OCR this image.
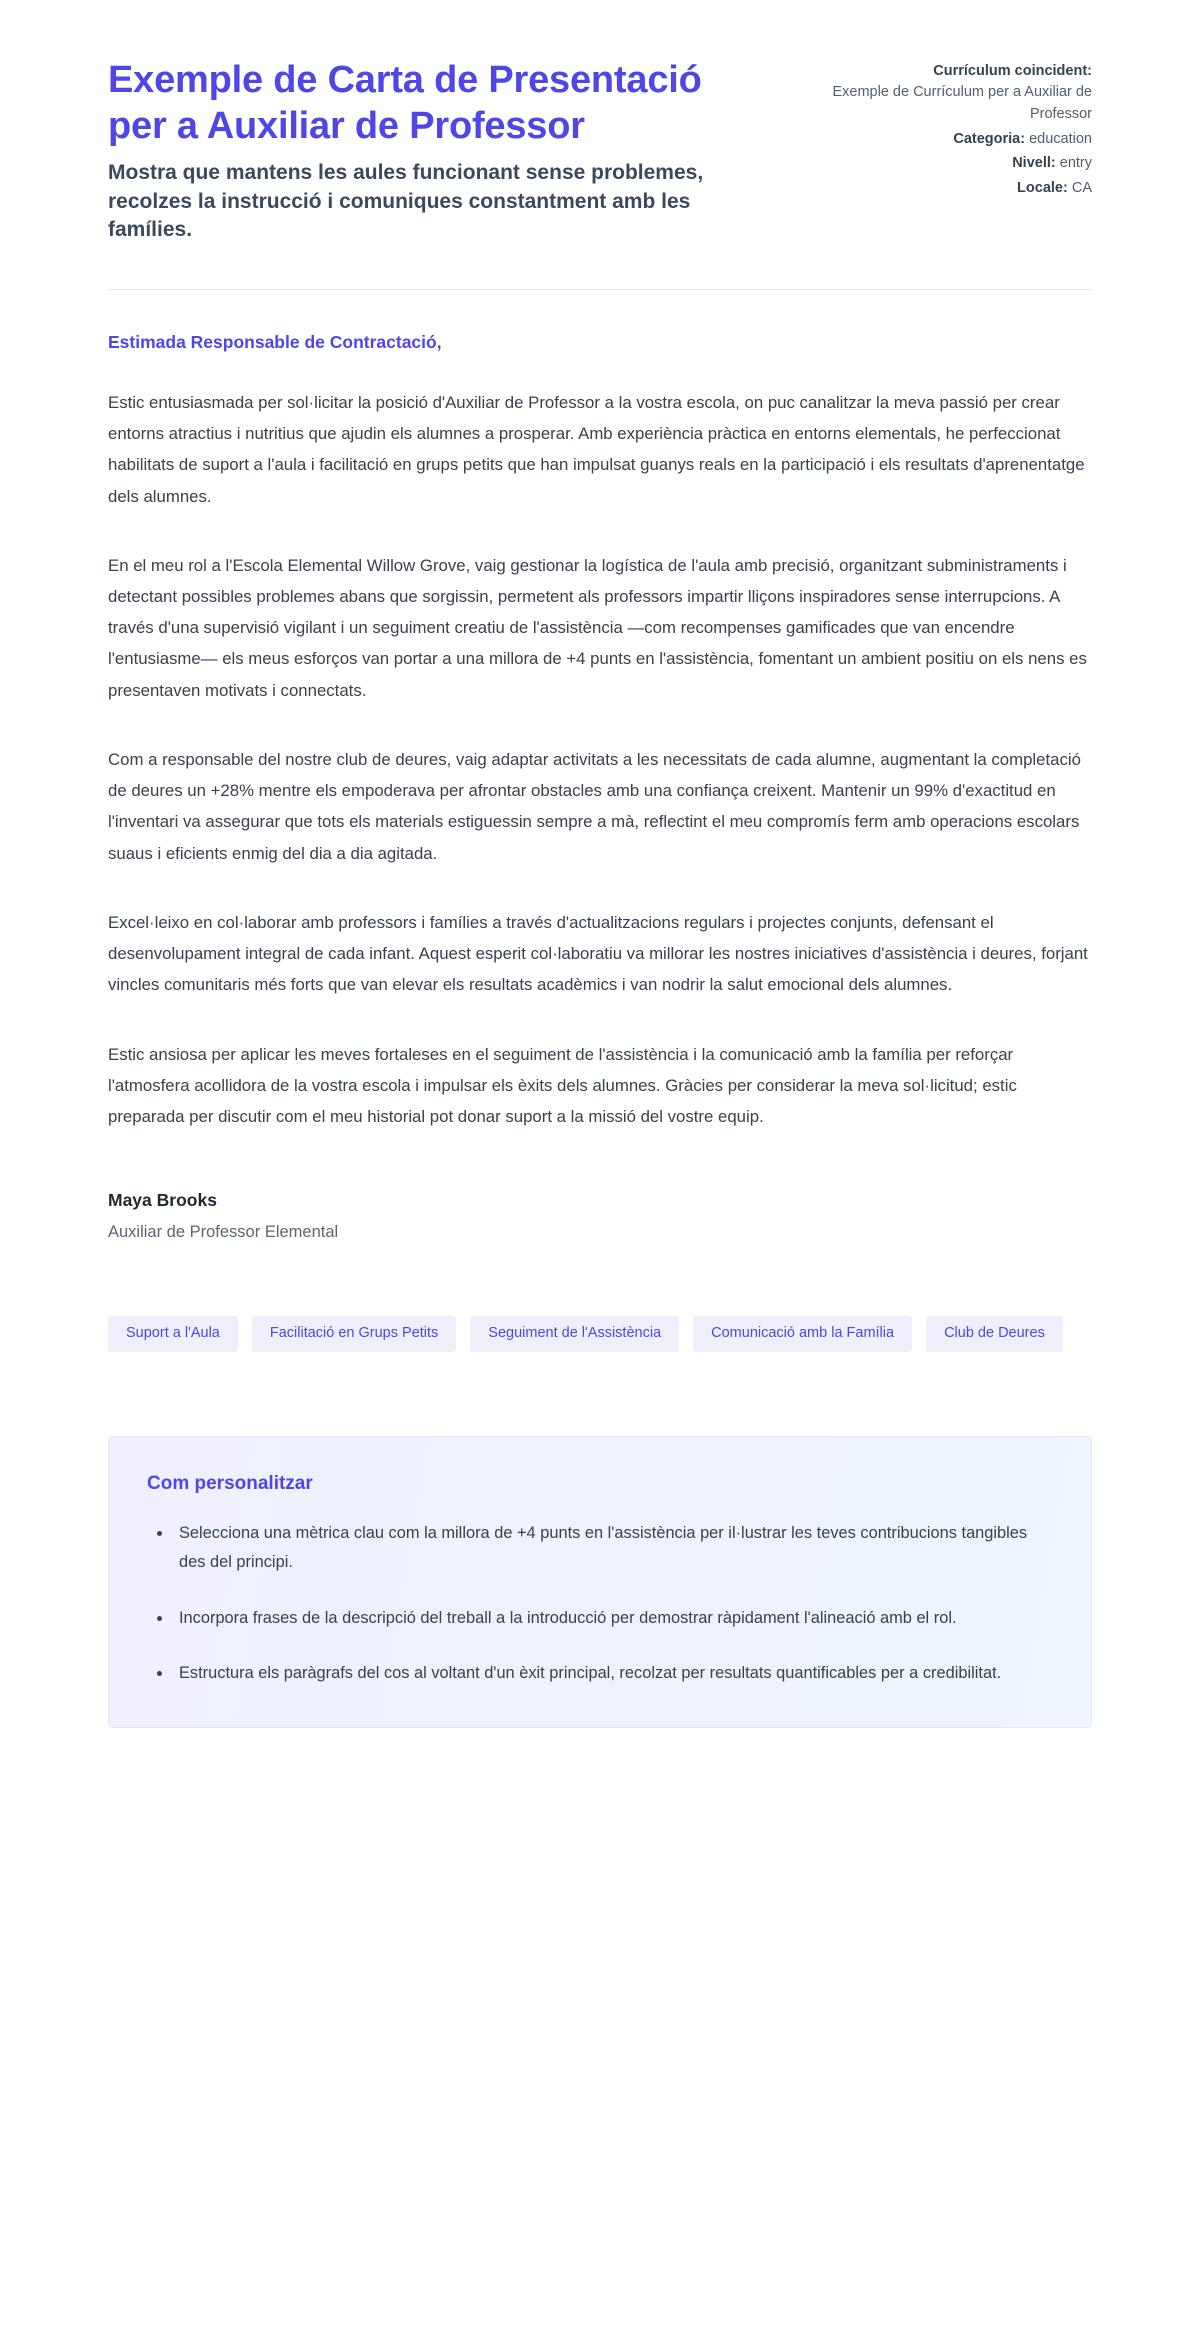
Exemple de Carta de Presentació per a Auxiliar de Professor

Mostra que mantens les aules funcionant sense problemes, recolzes la instrucció i comuniques constantment amb les famílies.

Currículum coincident:
Exemple de Currículum per a Auxiliar de Professor
Categoria: education
Nivell: entry
Locale: CA

Estimada Responsable de Contractació,

Estic entusiasmada per sol·licitar la posició d'Auxiliar de Professor a la vostra escola, on puc canalitzar la meva passió per crear entorns atractius i nutritius que ajudin els alumnes a prosperar. Amb experiència pràctica en entorns elementals, he perfeccionat habilitats de suport a l'aula i facilitació en grups petits que han impulsat guanys reals en la participació i els resultats d'aprenentatge dels alumnes.

En el meu rol a l'Escola Elemental Willow Grove, vaig gestionar la logística de l'aula amb precisió, organitzant subministraments i detectant possibles problemes abans que sorgissin, permetent als professors impartir lliçons inspiradores sense interrupcions. A través d'una supervisió vigilant i un seguiment creatiu de l'assistència —com recompenses gamificades que van encendre l'entusiasme— els meus esforços van portar a una millora de +4 punts en l'assistència, fomentant un ambient positiu on els nens es presentaven motivats i connectats.

Com a responsable del nostre club de deures, vaig adaptar activitats a les necessitats de cada alumne, augmentant la completació de deures un +28% mentre els empoderava per afrontar obstacles amb una confiança creixent. Mantenir un 99% d'exactitud en l'inventari va assegurar que tots els materials estiguessin sempre a mà, reflectint el meu compromís ferm amb operacions escolars suaus i eficients enmig del dia a dia agitada.

Excel·leixo en col·laborar amb professors i famílies a través d'actualitzacions regulars i projectes conjunts, defensant el desenvolupament integral de cada infant. Aquest esperit col·laboratiu va millorar les nostres iniciatives d'assistència i deures, forjant vincles comunitaris més forts que van elevar els resultats acadèmics i van nodrir la salut emocional dels alumnes.

Estic ansiosa per aplicar les meves fortaleses en el seguiment de l'assistència i la comunicació amb la família per reforçar l'atmosfera acollidora de la vostra escola i impulsar els èxits dels alumnes. Gràcies per considerar la meva sol·licitud; estic preparada per discutir com el meu historial pot donar suport a la missió del vostre equip.

Maya Brooks

Auxiliar de Professor Elemental

Suport a l'Aula	Facilitació en Grups Petits	Seguiment de l'Assistència	Comunicació amb la Família	Club de Deures
Com personalitzar
Selecciona una mètrica clau com la millora de +4 punts en l'assistència per il·lustrar les teves contribucions tangibles des del principi.
Incorpora frases de la descripció del treball a la introducció per demostrar ràpidament l'alineació amb el rol.
Estructura els paràgrafs del cos al voltant d'un èxit principal, recolzat per resultats quantificables per a credibilitat.
